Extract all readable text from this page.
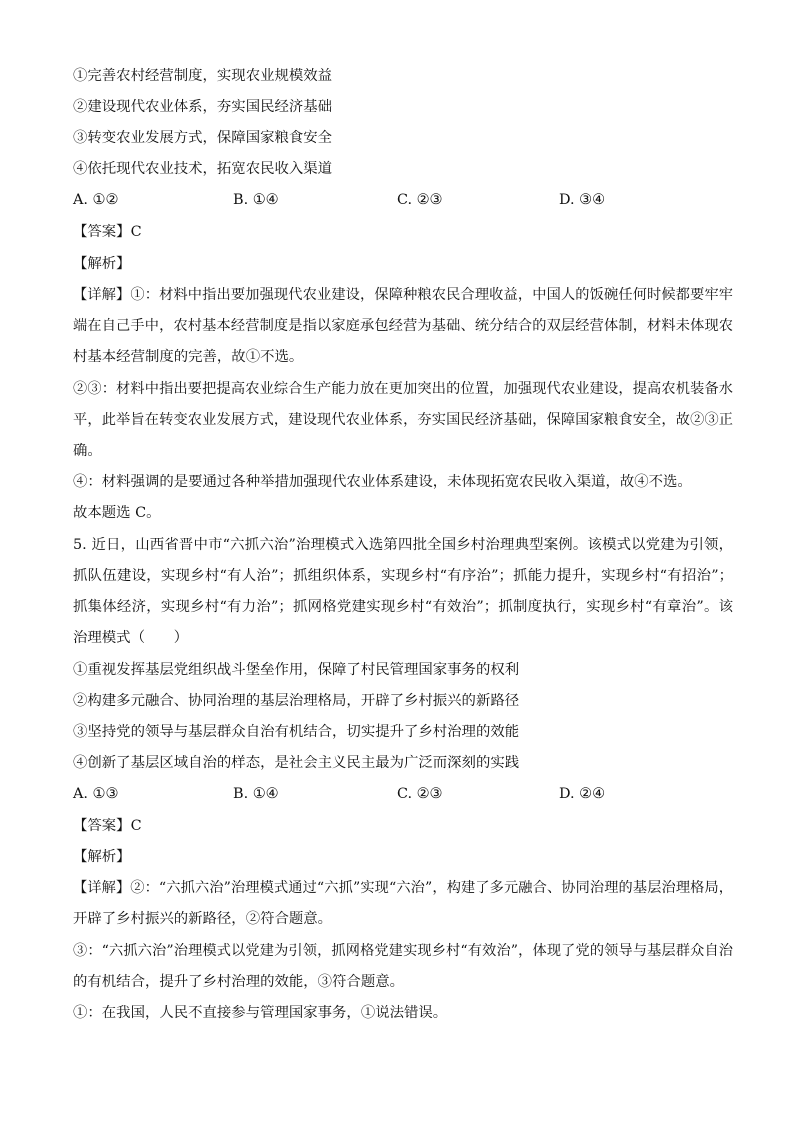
①完善农村经营制度，实现农业规模效益
②建设现代农业体系，夯实国民经济基础
③转变农业发展方式，保障国家粮食安全
④依托现代农业技术，拓宽农民收入渠道
A. ①②	B. ①④	C. ②③	D. ③④
【答案】C
【解析】
【详解】①：材料中指出要加强现代农业建设，保障种粮农民合理收益，中国人的饭碗任何时候都要牢牢
端在自己手中，农村基本经营制度是指以家庭承包经营为基础、统分结合的双层经营体制，材料未体现农
村基本经营制度的完善，故①不选。
②③：材料中指出要把提高农业综合生产能力放在更加突出的位置，加强现代农业建设，提高农机装备水
平，此举旨在转变农业发展方式，建设现代农业体系，夯实国民经济基础，保障国家粮食安全，故②③正
确。
④：材料强调的是要通过各种举措加强现代农业体系建设，未体现拓宽农民收入渠道，故④不选。
故本题选 C。
5. 近日，山西省晋中市“六抓六治”治理模式入选第四批全国乡村治理典型案例。该模式以党建为引领，
抓队伍建设，实现乡村“有人治”；抓组织体系，实现乡村“有序治”；抓能力提升，实现乡村“有招治”；
抓集体经济，实现乡村“有力治”；抓网格党建实现乡村“有效治”；抓制度执行，实现乡村“有章治”。该
治理模式（　　）
①重视发挥基层党组织战斗堡垒作用，保障了村民管理国家事务的权利
②构建多元融合、协同治理的基层治理格局，开辟了乡村振兴的新路径
③坚持党的领导与基层群众自治有机结合，切实提升了乡村治理的效能
④创新了基层区域自治的样态，是社会主义民主最为广泛而深刻的实践
A. ①③	B. ①④	C. ②③	D. ②④
【答案】C
【解析】
【详解】②：“六抓六治”治理模式通过“六抓”实现“六治”，构建了多元融合、协同治理的基层治理格局，
开辟了乡村振兴的新路径，②符合题意。
③：“六抓六治”治理模式以党建为引领，抓网格党建实现乡村“有效治”，体现了党的领导与基层群众自治
的有机结合，提升了乡村治理的效能，③符合题意。
①：在我国，人民不直接参与管理国家事务，①说法错误。
